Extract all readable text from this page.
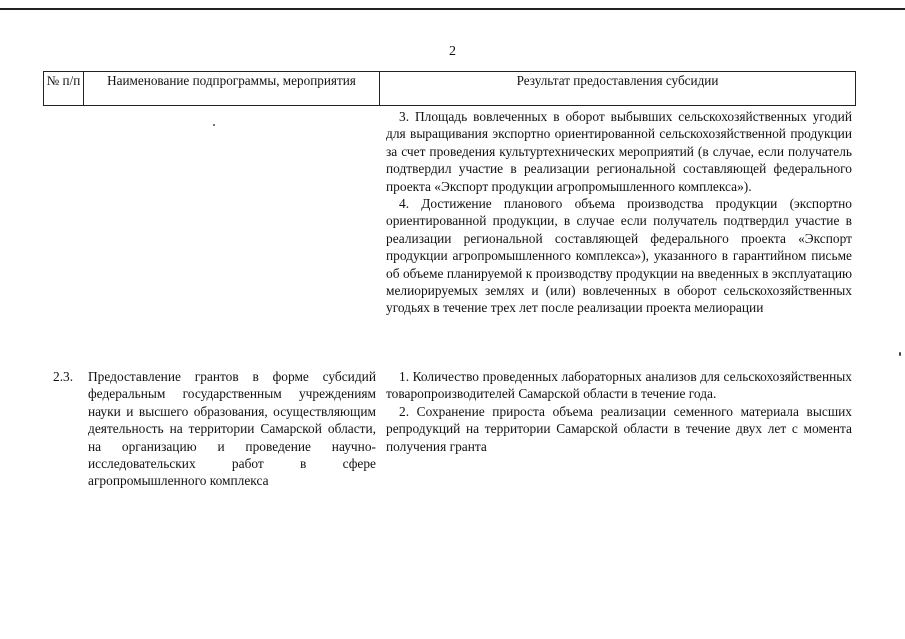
2
№ п/п	Наименование подпрограммы, мероприятия	Результат предоставления субсидии

3. Площадь вовлеченных в оборот выбывших сельскохозяйственных угодий для выращивания экспортно ориентированной сельскохозяйственной продукции за счет проведения культуртехнических мероприятий (в случае, если получатель подтвердил участие в реализации региональной составляющей федерального проекта «Экспорт продукции агропромышленного комплекса»).

4. Достижение планового объема производства продукции (экспортно ориентированной продукции, в случае если получатель подтвердил участие в реализации региональной составляющей федерального проекта «Экспорт продукции агропромышленного комплекса»), указанного в гарантийном письме об объеме планируемой к производству продукции на введенных в эксплуатацию мелиорируемых землях и (или) вовлеченных в оборот сельскохозяйственных угодьях в течение трех лет после реализации проекта мелиорации

2.3. Предоставление грантов в форме субсидий федеральным государственным учреждениям науки и высшего образования, осуществляющим деятельность на территории Самарской области, на организацию и проведение научно-исследовательских работ в сфере агропромышленного комплекса

1. Количество проведенных лабораторных анализов для сельскохозяйственных товаропроизводителей Самарской области в течение года.

2. Сохранение прироста объема реализации семенного материала высших репродукций на территории Самарской области в течение двух лет с момента получения гранта
